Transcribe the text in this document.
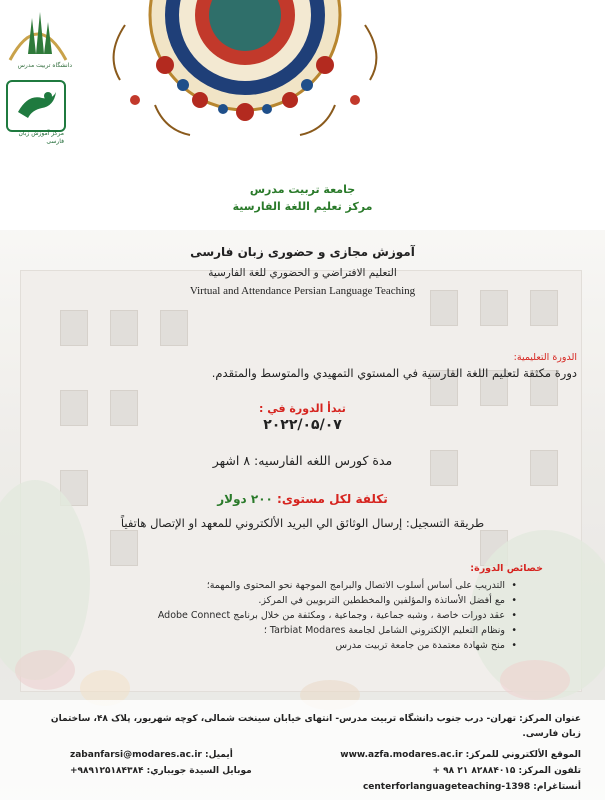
دانشگاه تربیت مدرس
مرکز آموزش زبان فارسی
جامعة تربيت مدرس
مركز تعليم اللغة الفارسية
آموزش مجازی و حضوری زبان فارسی
التعليم الافتراضي و الحضوري للغة الفارسية
Virtual and Attendance Persian Language Teaching
الدورة التعليمية:
دورة مكثفة لتعليم اللغة الفارسية في المستوي التمهيدي والمتوسط والمتقدم.
تبدأ الدورة في :
۲۰۲۲/۰۵/۰۷
مدة كورس اللغه الفارسيه: ۸ اشهر
تكلفة لكل مستوى: ۲۰۰ دولار
طريقة التسجيل: إرسال الوثائق الي البريد الألكتروني للمعهد او الإتصال هاتفياً
خصائص الدورة:
• التدريب على أساس أسلوب الاتصال والبرامج الموجهة نحو المحتوى والمهمة؛
• مع أفضل الأساتذة والمؤلفين والمخططين التربويين في المركز.
• عقد دورات خاصة ، وشبه جماعية ، وجماعية ، ومكثفة من خلال برنامج Adobe Connect
• ونظام التعليم الإلكتروني الشامل لجامعة Tarbiat Modares ؛
• منح شهادة معتمدة من جامعة تربيت مدرس
عنوان المركز: تهران- درب جنوب دانشگاه تربیت مدرس- انتهای خیابان سینخت شمالی، کوچه شهریور، پلاک ۴۸، ساختمان
زبان فارسی.
الموقع الألكتروني للمركز: www.azfa.modares.ac.ir
أيميل: zabanfarsi@modares.ac.ir
تلفون المركز: + ۹۸ ۲۱ ۸۲۸۸۴۰۱۵
موبايل السيدة جويباري: +۹۸۹۱۲۵۱۸۴۳۸۴
أنستاغرام: centerforlanguageteaching-1398
